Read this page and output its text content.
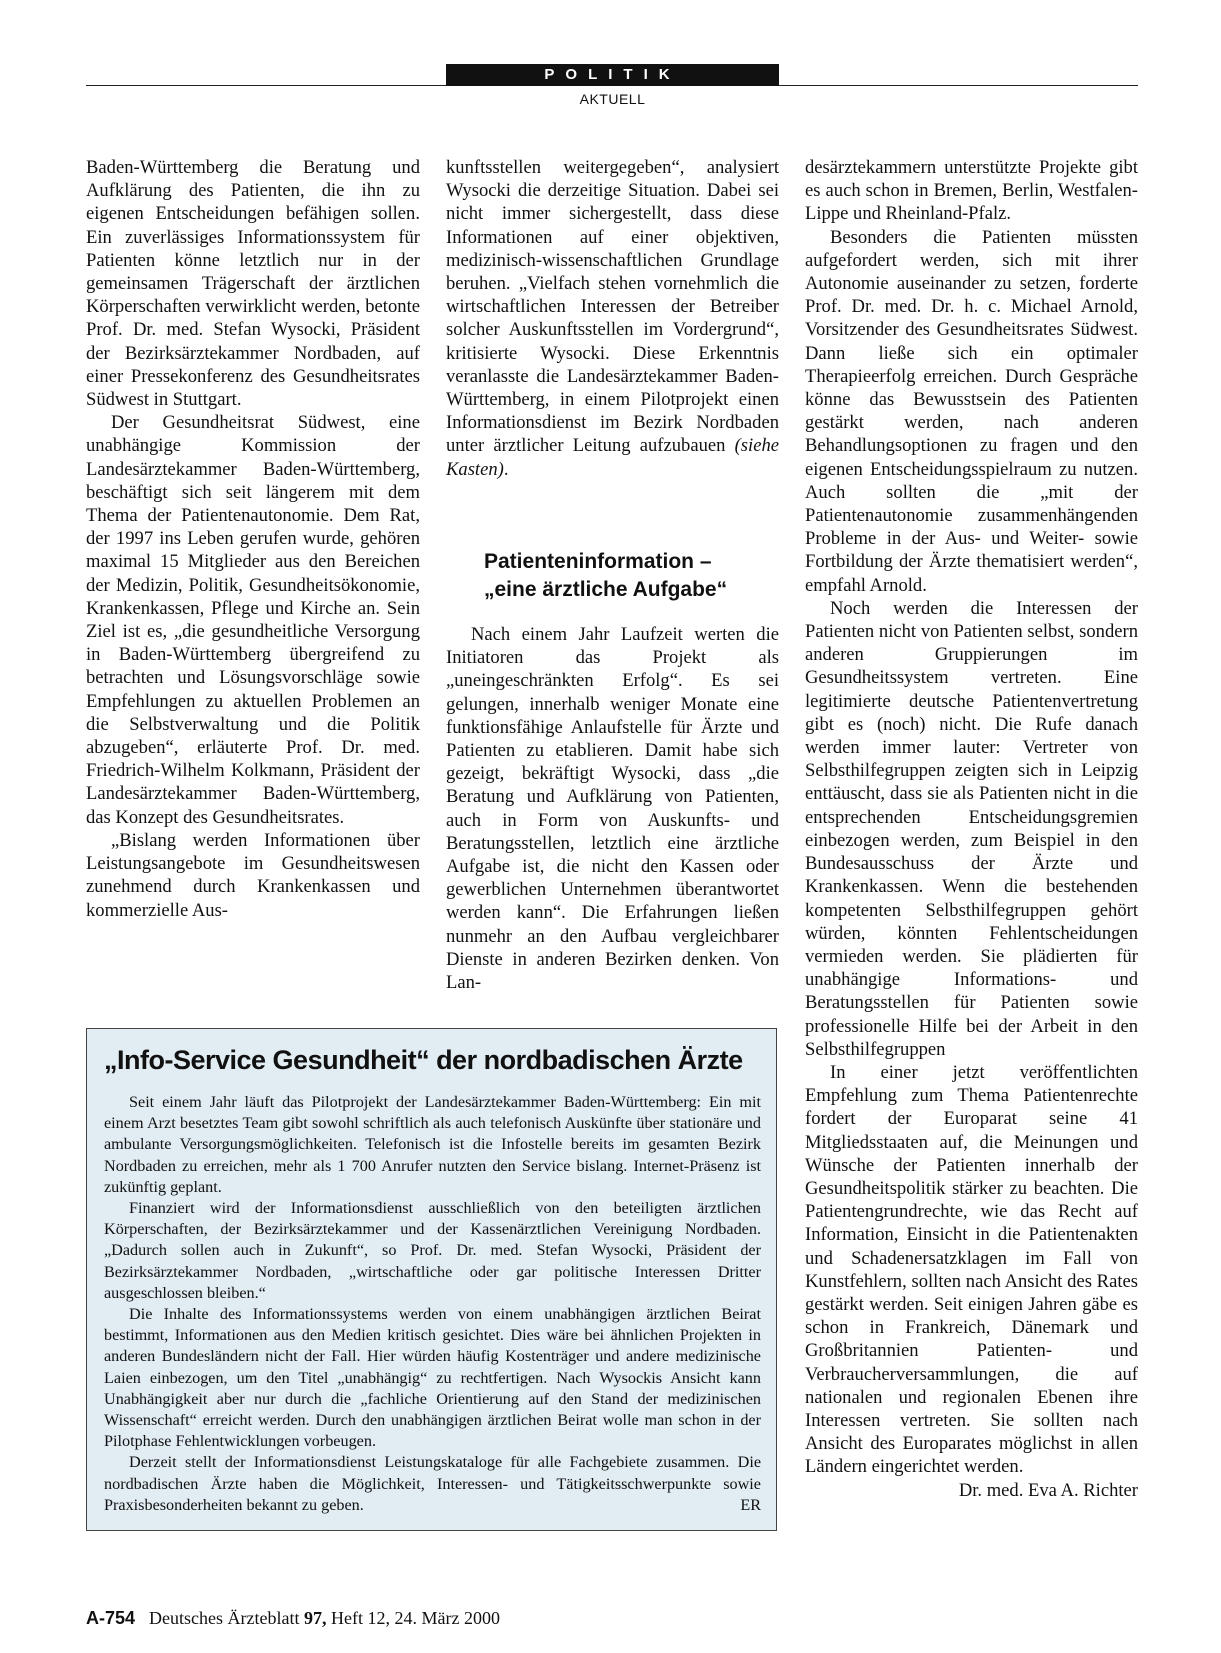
POLITIK
AKTUELL

Baden-Württemberg die Beratung und Aufklärung des Patienten, die ihn zu eigenen Entscheidungen befähigen sollen. Ein zuverlässiges Informationssystem für Patienten könne letztlich nur in der gemeinsamen Trägerschaft der ärztlichen Körperschaften verwirklicht werden, betonte Prof. Dr. med. Stefan Wysocki, Präsident der Bezirksärztekammer Nordbaden, auf einer Pressekonferenz des Gesundheitsrates Südwest in Stuttgart.

Der Gesundheitsrat Südwest, eine unabhängige Kommission der Landesärztekammer Baden-Württemberg, beschäftigt sich seit längerem mit dem Thema der Patientenautonomie. Dem Rat, der 1997 ins Leben gerufen wurde, gehören maximal 15 Mitglieder aus den Bereichen der Medizin, Politik, Gesundheitsökonomie, Krankenkassen, Pflege und Kirche an. Sein Ziel ist es, „die gesundheitliche Versorgung in Baden-Württemberg übergreifend zu betrachten und Lösungsvorschläge sowie Empfehlungen zu aktuellen Problemen an die Selbstverwaltung und die Politik abzugeben“, erläuterte Prof. Dr. med. Friedrich-Wilhelm Kolkmann, Präsident der Landesärztekammer Baden-Württemberg, das Konzept des Gesundheitsrates.

„Bislang werden Informationen über Leistungsangebote im Gesundheitswesen zunehmend durch Krankenkassen und kommerzielle Aus-

kunftsstellen weitergegeben“, analysiert Wysocki die derzeitige Situation. Dabei sei nicht immer sichergestellt, dass diese Informationen auf einer objektiven, medizinisch-wissenschaftlichen Grundlage beruhen. „Vielfach stehen vornehmlich die wirtschaftlichen Interessen der Betreiber solcher Auskunftsstellen im Vordergrund“, kritisierte Wysocki. Diese Erkenntnis veranlasste die Landesärztekammer Baden-Württemberg, in einem Pilotprojekt einen Informationsdienst im Bezirk Nordbaden unter ärztlicher Leitung aufzubauen (siehe Kasten).

Patienteninformation –
„eine ärztliche Aufgabe“

Nach einem Jahr Laufzeit werten die Initiatoren das Projekt als „uneingeschränkten Erfolg“. Es sei gelungen, innerhalb weniger Monate eine funktionsfähige Anlaufstelle für Ärzte und Patienten zu etablieren. Damit habe sich gezeigt, bekräftigt Wysocki, dass „die Beratung und Aufklärung von Patienten, auch in Form von Auskunfts- und Beratungsstellen, letztlich eine ärztliche Aufgabe ist, die nicht den Kassen oder gewerblichen Unternehmen überantwortet werden kann“. Die Erfahrungen ließen nunmehr an den Aufbau vergleichbarer Dienste in anderen Bezirken denken. Von Lan-

desärztekammern unterstützte Projekte gibt es auch schon in Bremen, Berlin, Westfalen-Lippe und Rheinland-Pfalz.

Besonders die Patienten müssten aufgefordert werden, sich mit ihrer Autonomie auseinander zu setzen, forderte Prof. Dr. med. Dr. h. c. Michael Arnold, Vorsitzender des Gesundheitsrates Südwest. Dann ließe sich ein optimaler Therapieerfolg erreichen. Durch Gespräche könne das Bewusstsein des Patienten gestärkt werden, nach anderen Behandlungsoptionen zu fragen und den eigenen Entscheidungsspielraum zu nutzen. Auch sollten die „mit der Patientenautonomie zusammenhängenden Probleme in der Aus- und Weiter- sowie Fortbildung der Ärzte thematisiert werden“, empfahl Arnold.

Noch werden die Interessen der Patienten nicht von Patienten selbst, sondern anderen Gruppierungen im Gesundheitssystem vertreten. Eine legitimierte deutsche Patientenvertretung gibt es (noch) nicht. Die Rufe danach werden immer lauter: Vertreter von Selbsthilfegruppen zeigten sich in Leipzig enttäuscht, dass sie als Patienten nicht in die entsprechenden Entscheidungsgremien einbezogen werden, zum Beispiel in den Bundesausschuss der Ärzte und Krankenkassen. Wenn die bestehenden kompetenten Selbsthilfegruppen gehört würden, könnten Fehlentscheidungen vermieden werden. Sie plädierten für unabhängige Informations- und Beratungsstellen für Patienten sowie professionelle Hilfe bei der Arbeit in den Selbsthilfegruppen

In einer jetzt veröffentlichten Empfehlung zum Thema Patientenrechte fordert der Europarat seine 41 Mitgliedsstaaten auf, die Meinungen und Wünsche der Patienten innerhalb der Gesundheitspolitik stärker zu beachten. Die Patientengrundrechte, wie das Recht auf Information, Einsicht in die Patientenakten und Schadenersatzklagen im Fall von Kunstfehlern, sollten nach Ansicht des Rates gestärkt werden. Seit einigen Jahren gäbe es schon in Frankreich, Dänemark und Großbritannien Patienten- und Verbraucherversammlungen, die auf nationalen und regionalen Ebenen ihre Interessen vertreten. Sie sollten nach Ansicht des Europarates möglichst in allen Ländern eingerichtet werden.
Dr. med. Eva A. Richter

„Info-Service Gesundheit“ der nordbadischen Ärzte

Seit einem Jahr läuft das Pilotprojekt der Landesärztekammer Baden-Württemberg: Ein mit einem Arzt besetztes Team gibt sowohl schriftlich als auch telefonisch Auskünfte über stationäre und ambulante Versorgungsmöglichkeiten. Telefonisch ist die Infostelle bereits im gesamten Bezirk Nordbaden zu erreichen, mehr als 1 700 Anrufer nutzten den Service bislang. Internet-Präsenz ist zukünftig geplant.

Finanziert wird der Informationsdienst ausschließlich von den beteiligten ärztlichen Körperschaften, der Bezirksärztekammer und der Kassenärztlichen Vereinigung Nordbaden. „Dadurch sollen auch in Zukunft“, so Prof. Dr. med. Stefan Wysocki, Präsident der Bezirksärztekammer Nordbaden, „wirtschaftliche oder gar politische Interessen Dritter ausgeschlossen bleiben.“

Die Inhalte des Informationssystems werden von einem unabhängigen ärztlichen Beirat bestimmt, Informationen aus den Medien kritisch gesichtet. Dies wäre bei ähnlichen Projekten in anderen Bundesländern nicht der Fall. Hier würden häufig Kostenträger und andere medizinische Laien einbezogen, um den Titel „unabhängig“ zu rechtfertigen. Nach Wysockis Ansicht kann Unabhängigkeit aber nur durch die „fachliche Orientierung auf den Stand der medizinischen Wissenschaft“ erreicht werden. Durch den unabhängigen ärztlichen Beirat wolle man schon in der Pilotphase Fehlentwicklungen vorbeugen.

Derzeit stellt der Informationsdienst Leistungskataloge für alle Fachgebiete zusammen. Die nordbadischen Ärzte haben die Möglichkeit, Interessen- und Tätigkeitsschwerpunkte sowie Praxisbesonderheiten bekannt zu geben.	ER

A-754 Deutsches Ärzteblatt 97, Heft 12, 24. März 2000
